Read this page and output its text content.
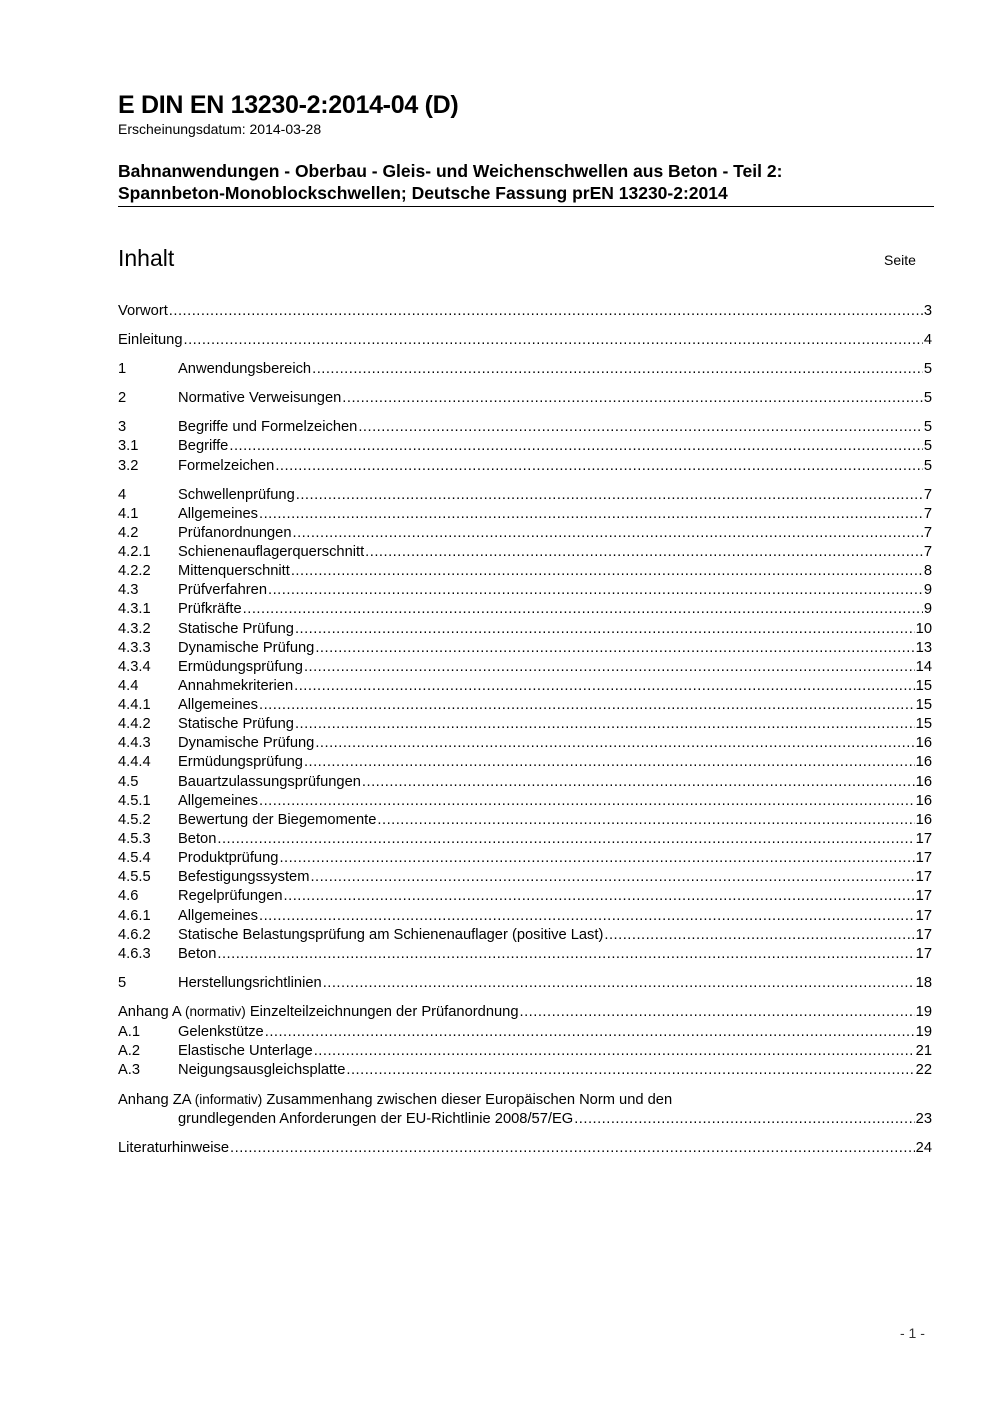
E DIN EN 13230-2:2014-04 (D)
Erscheinungsdatum: 2014-03-28
Bahnanwendungen - Oberbau - Gleis- und Weichenschwellen aus Beton - Teil 2:
Spannbeton-Monoblockschwellen; Deutsche Fassung prEN 13230-2:2014
Inhalt	Seite
Vorwort .....	3
Einleitung .....	4
1	Anwendungsbereich .....	5
2	Normative Verweisungen .....	5
3	Begriffe und Formelzeichen .....	5
3.1	Begriffe .....	5
3.2	Formelzeichen .....	5
4	Schwellenprüfung .....	7
4.1	Allgemeines .....	7
4.2	Prüfanordnungen .....	7
4.2.1	Schienenauflagerquerschnitt .....	7
4.2.2	Mittenquerschnitt .....	8
4.3	Prüfverfahren .....	9
4.3.1	Prüfkräfte .....	9
4.3.2	Statische Prüfung .....	10
4.3.3	Dynamische Prüfung .....	13
4.3.4	Ermüdungsprüfung .....	14
4.4	Annahmekriterien .....	15
4.4.1	Allgemeines .....	15
4.4.2	Statische Prüfung .....	15
4.4.3	Dynamische Prüfung .....	16
4.4.4	Ermüdungsprüfung .....	16
4.5	Bauartzulassungsprüfungen .....	16
4.5.1	Allgemeines .....	16
4.5.2	Bewertung der Biegemomente .....	16
4.5.3	Beton .....	17
4.5.4	Produktprüfung .....	17
4.5.5	Befestigungssystem .....	17
4.6	Regelprüfungen .....	17
4.6.1	Allgemeines .....	17
4.6.2	Statische Belastungsprüfung am Schienenauflager (positive Last) .....	17
4.6.3	Beton .....	17
5	Herstellungsrichtlinien .....	18
Anhang A (normativ) Einzelteilzeichnungen der Prüfanordnung .....	19
A.1	Gelenkstütze .....	19
A.2	Elastische Unterlage .....	21
A.3	Neigungsausgleichsplatte .....	22
Anhang ZA (informativ) Zusammenhang zwischen dieser Europäischen Norm und den
grundlegenden Anforderungen der EU-Richtlinie 2008/57/EG .....	23
Literaturhinweise .....	24
- 1 -
